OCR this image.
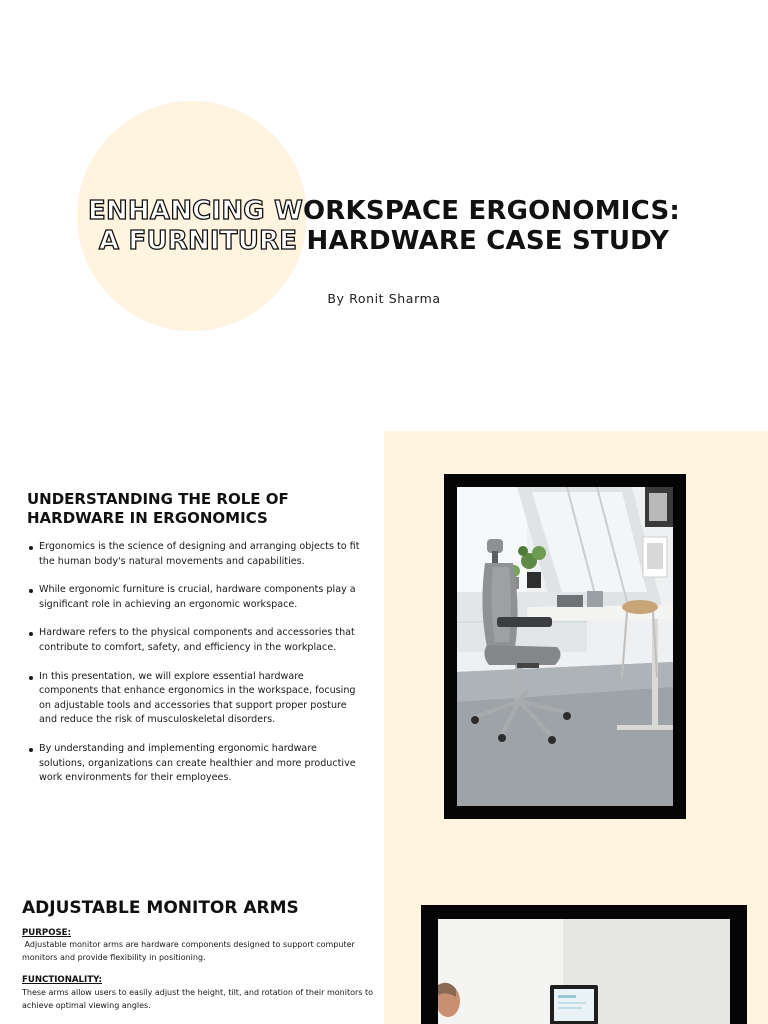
ENHANCING WORKSPACE ERGONOMICS:
A FURNITURE HARDWARE CASE STUDY
By Ronit Sharma
UNDERSTANDING THE ROLE OF HARDWARE IN ERGONOMICS
Ergonomics is the science of designing and arranging objects to fit the human body's natural movements and capabilities.
While ergonomic furniture is crucial, hardware components play a significant role in achieving an ergonomic workspace.
Hardware refers to the physical components and accessories that contribute to comfort, safety, and efficiency in the workplace.
In this presentation, we will explore essential hardware components that enhance ergonomics in the workspace, focusing on adjustable tools and accessories that support proper posture and reduce the risk of musculoskeletal disorders.
By understanding and implementing ergonomic hardware solutions, organizations can create healthier and more productive work environments for their employees.
ADJUSTABLE MONITOR ARMS

PURPOSE:

Adjustable monitor arms are hardware components designed to support computer monitors and provide flexibility in positioning.

FUNCTIONALITY:

These arms allow users to easily adjust the height, tilt, and rotation of their monitors to achieve optimal viewing angles.
